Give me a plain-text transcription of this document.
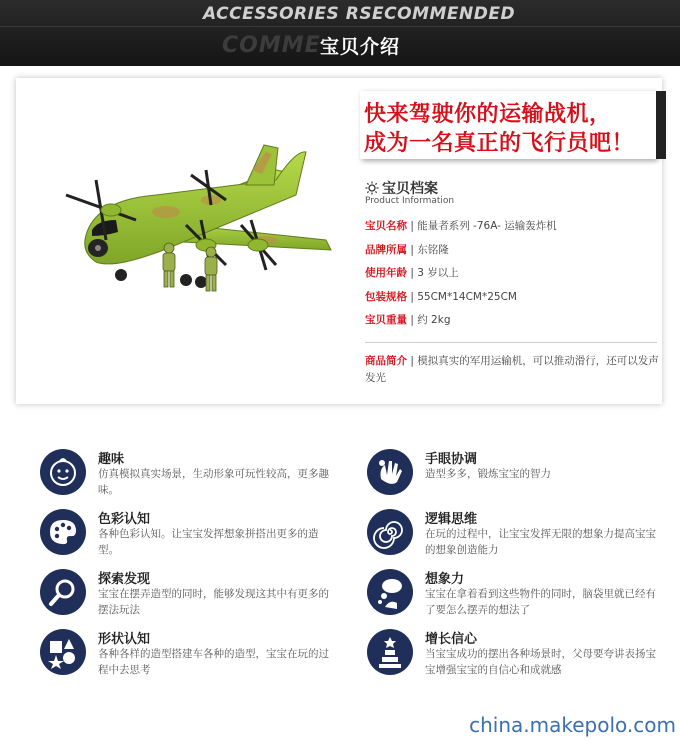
ACCESSORIES RSECOMMENDED
COMME 宝贝介绍
快来驾驶你的运输战机，
成为一名真正的飞行员吧！
宝贝档案
Product Information
宝贝名称 | 能量者系列 -76A- 运输轰炸机
品牌所属 | 东铭隆
使用年龄 | 3 岁以上
包装规格 | 55CM*14CM*25CM
宝贝重量 | 约 2kg
商品简介 | 模拟真实的军用运输机，可以推动滑行，还可以发声发光
趣味
仿真模拟真实场景，生动形象可玩性较高，更多趣味。
手眼协调
造型多多，锻炼宝宝的智力
色彩认知
各种色彩认知。让宝宝发挥想象拼搭出更多的造型。
逻辑思维
在玩的过程中，让宝宝发挥无限的想象力提高宝宝的想象创造能力
探索发现
宝宝在摆弄造型的同时，能够发现这其中有更多的摆法玩法
想象力
宝宝在拿着看到这些物件的同时，脑袋里就已经有了要怎么摆弄的想法了
形状认知
各种各样的造型搭建车各种的造型，宝宝在玩的过程中去思考
增长信心
当宝宝成功的摆出各种场景时，父母要夸讲表扬宝宝增强宝宝的自信心和成就感
china.makepolo.com
